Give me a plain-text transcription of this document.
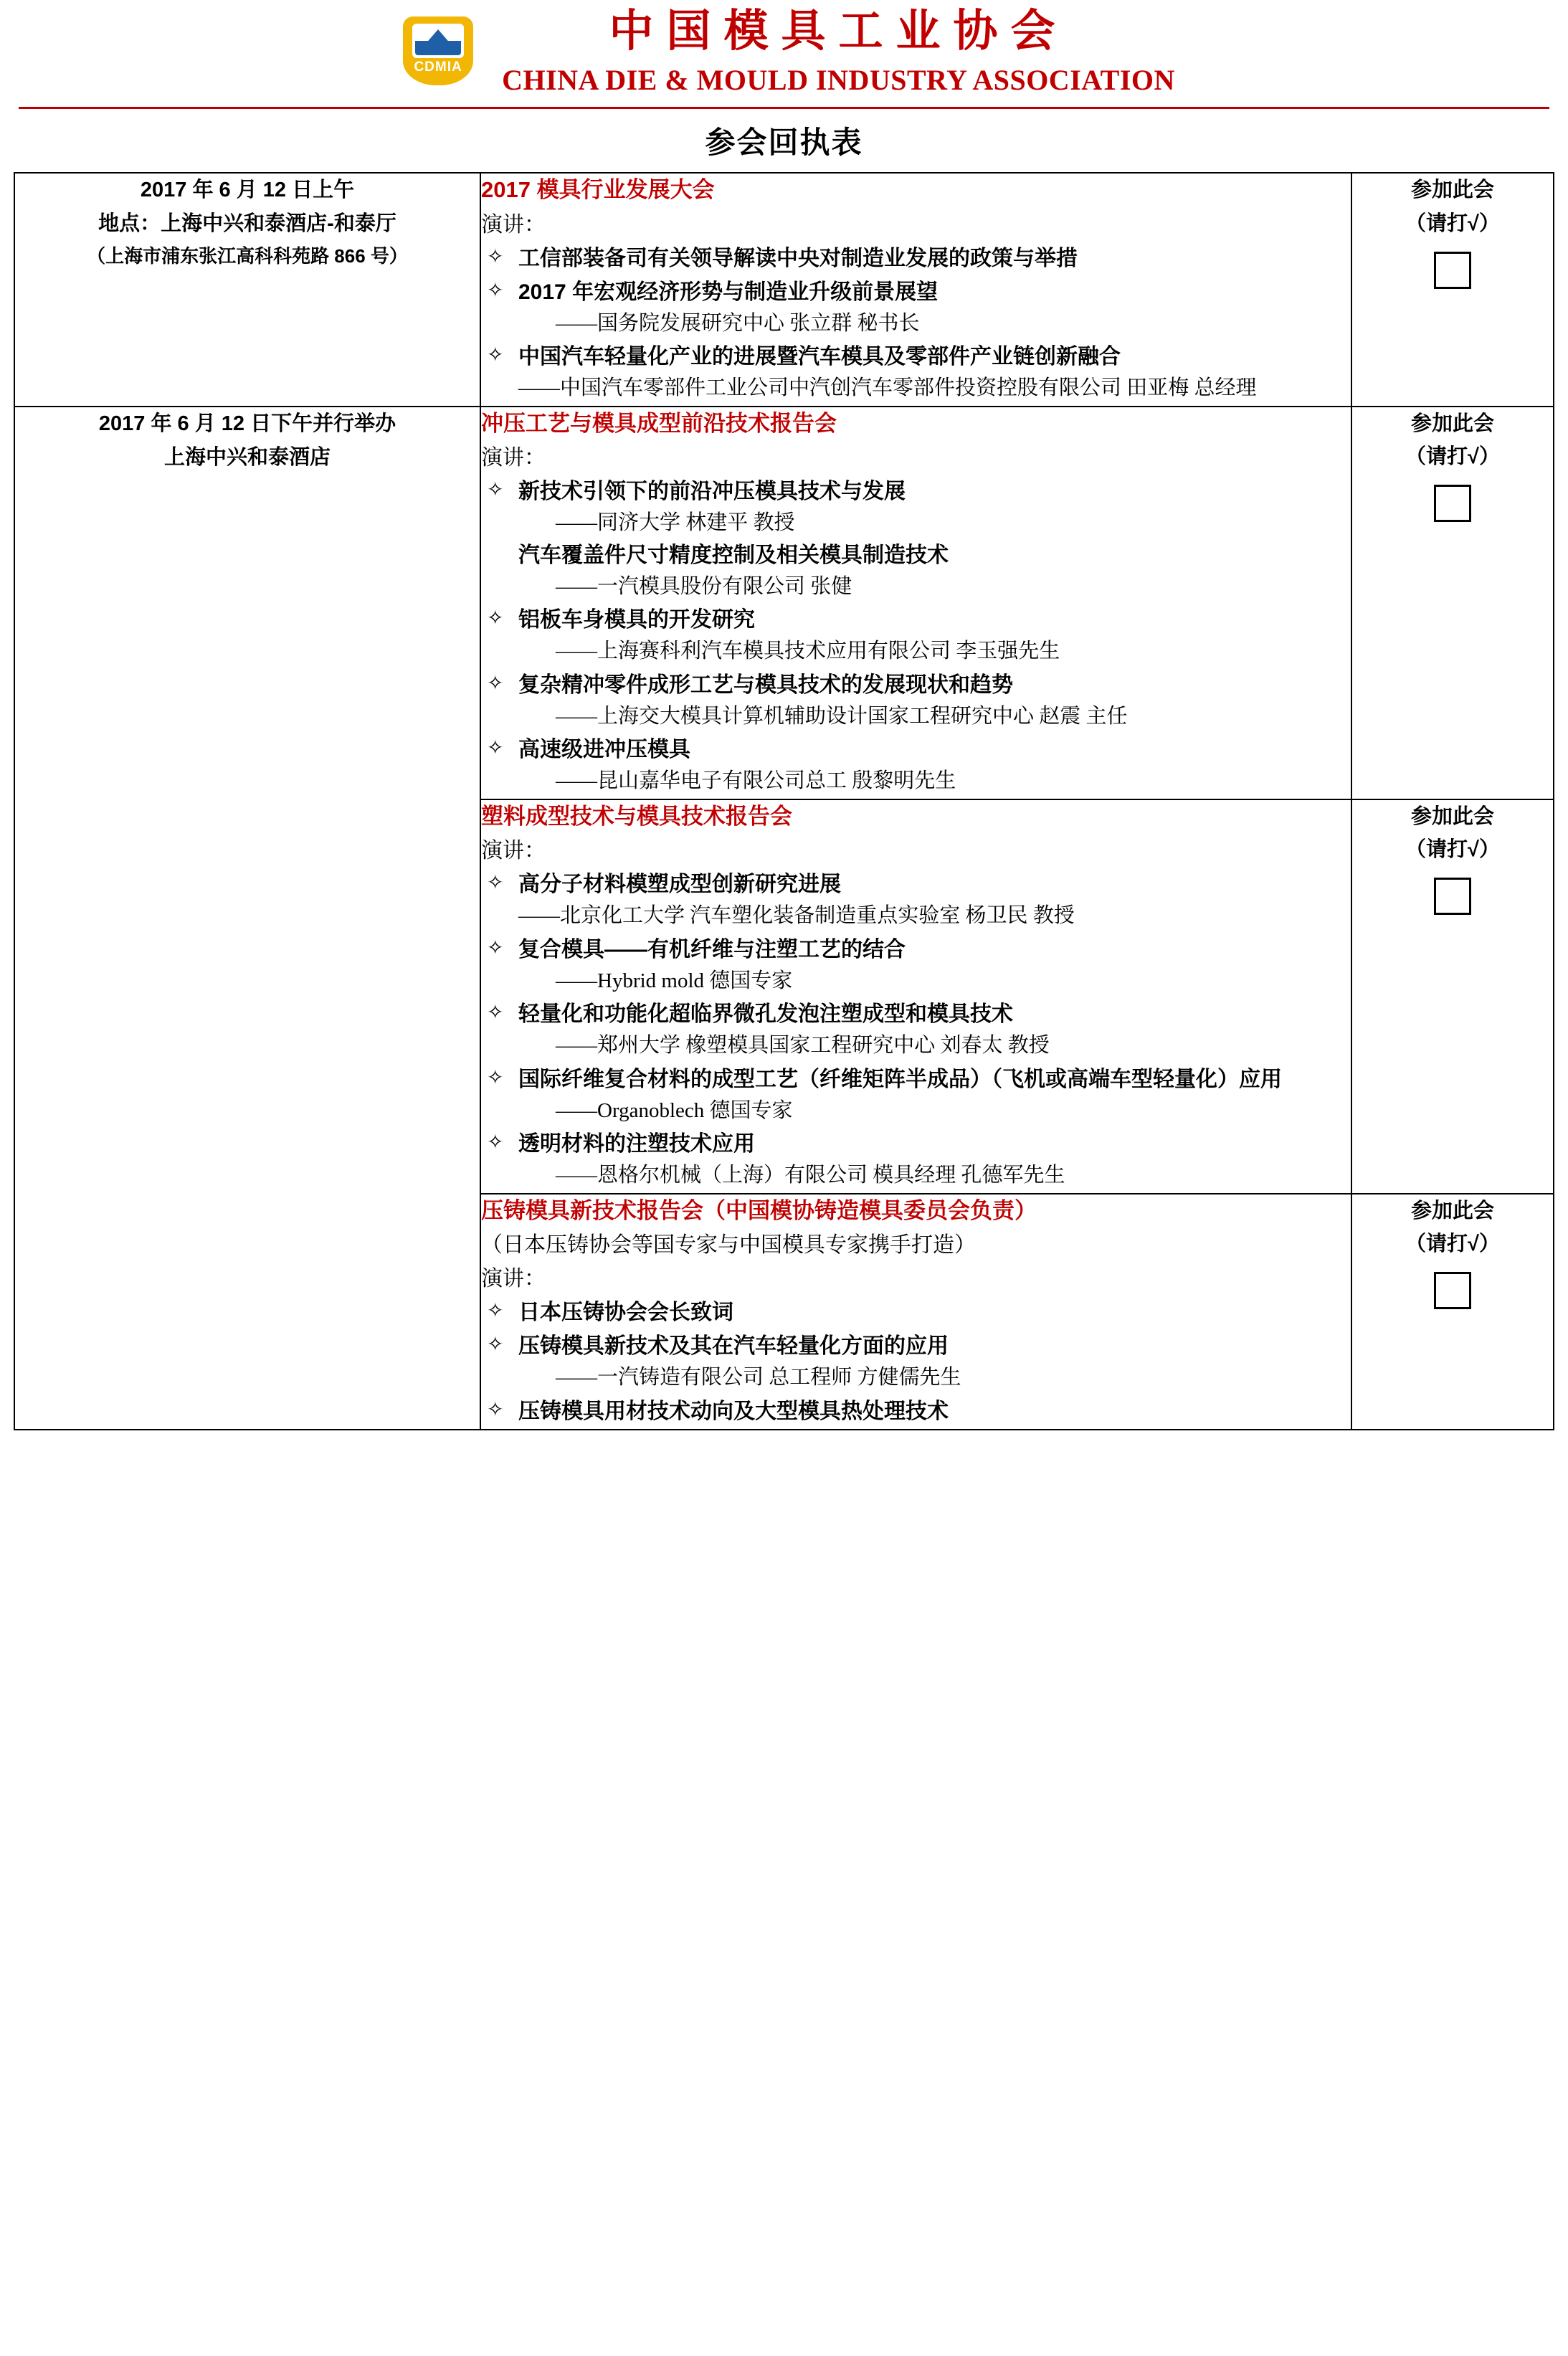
CDMIA
中国模具工业协会
CHINA DIE & MOULD INDUSTRY ASSOCIATION
参会回执表
2017 年 6 月 12 日上午
地点：上海中兴和泰酒店-和泰厅
（上海市浦东张江高科科苑路 866 号）

2017 模具行业发展大会
演讲：
✧ 工信部装备司有关领导解读中央对制造业发展的政策与举措
✧ 2017 年宏观经济形势与制造业升级前景展望
——国务院发展研究中心 张立群 秘书长
✧ 中国汽车轻量化产业的进展暨汽车模具及零部件产业链创新融合
——中国汽车零部件工业公司中汽创汽车零部件投资控股有限公司 田亚梅 总经理

参加此会
（请打√）

2017 年 6 月 12 日下午并行举办
上海中兴和泰酒店

冲压工艺与模具成型前沿技术报告会
演讲：
✧ 新技术引领下的前沿冲压模具技术与发展
——同济大学 林建平 教授
汽车覆盖件尺寸精度控制及相关模具制造技术
——一汽模具股份有限公司 张健
✧ 铝板车身模具的开发研究
——上海赛科利汽车模具技术应用有限公司 李玉强先生
✧ 复杂精冲零件成形工艺与模具技术的发展现状和趋势
——上海交大模具计算机辅助设计国家工程研究中心 赵震 主任
✧ 高速级进冲压模具
——昆山嘉华电子有限公司总工 殷黎明先生

参加此会
（请打√）

塑料成型技术与模具技术报告会
演讲：
✧ 高分子材料模塑成型创新研究进展
——北京化工大学 汽车塑化装备制造重点实验室 杨卫民 教授
✧ 复合模具——有机纤维与注塑工艺的结合
——Hybrid mold 德国专家
✧ 轻量化和功能化超临界微孔发泡注塑成型和模具技术
——郑州大学 橡塑模具国家工程研究中心 刘春太 教授
✧ 国际纤维复合材料的成型工艺（纤维矩阵半成品）（飞机或高端车型轻量化）应用
——Organoblech 德国专家
✧ 透明材料的注塑技术应用
——恩格尔机械（上海）有限公司 模具经理 孔德军先生

参加此会
（请打√）

压铸模具新技术报告会（中国模协铸造模具委员会负责）
（日本压铸协会等国专家与中国模具专家携手打造）
演讲：
✧ 日本压铸协会会长致词
✧ 压铸模具新技术及其在汽车轻量化方面的应用
——一汽铸造有限公司 总工程师 方健儒先生
✧ 压铸模具用材技术动向及大型模具热处理技术

参加此会
（请打√）
